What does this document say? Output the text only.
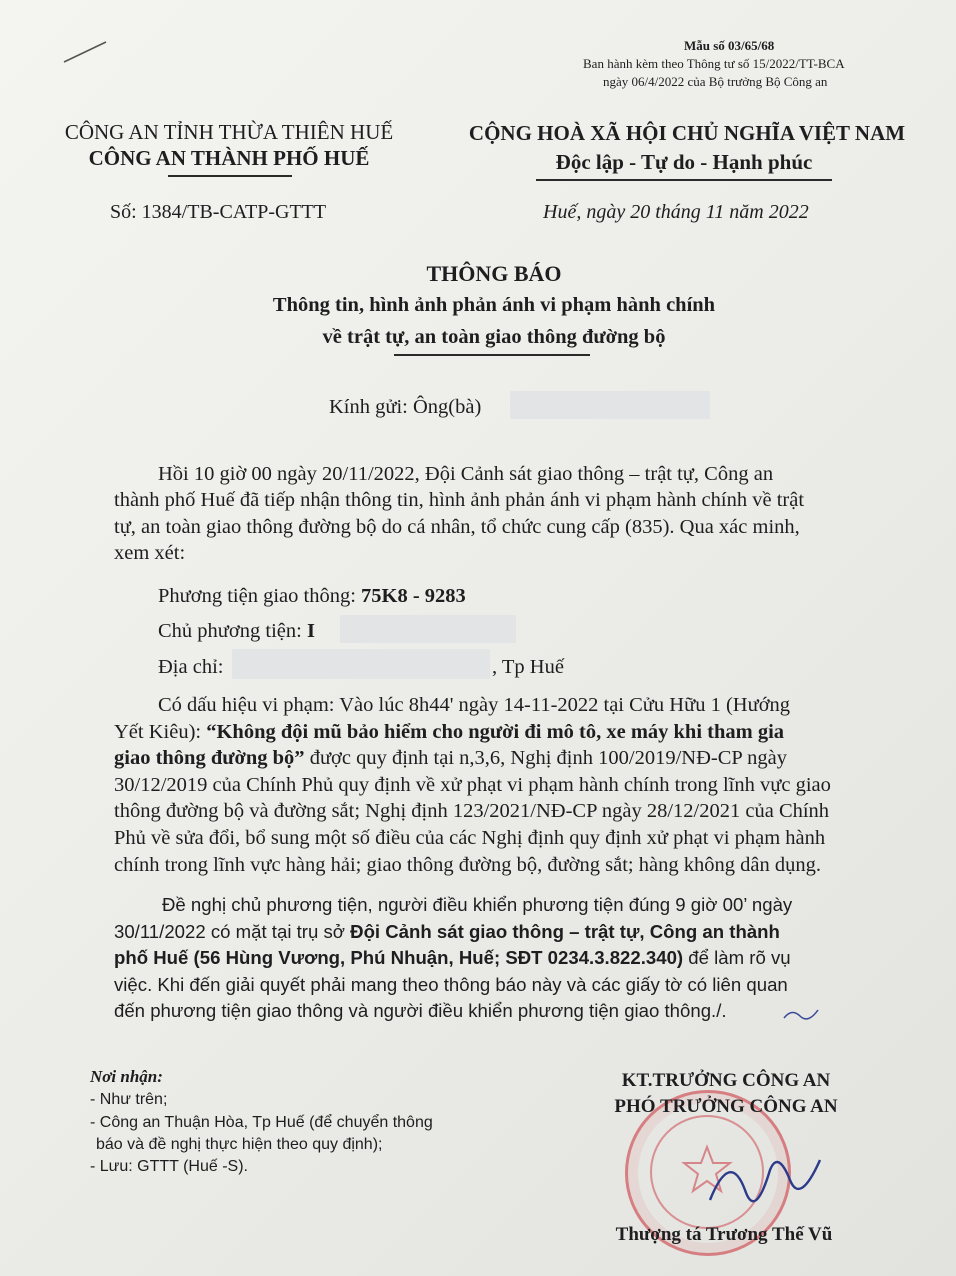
Mẫu số 03/65/68
Ban hành kèm theo Thông tư số 15/2022/TT-BCA
ngày 06/4/2022 của Bộ trưởng Bộ Công an
CÔNG AN TỈNH THỪA THIÊN HUẾ
CÔNG AN THÀNH PHỐ HUẾ
Số: 1384/TB-CATP-GTTT
CỘNG HOÀ XÃ HỘI CHỦ NGHĨA VIỆT NAM
Độc lập - Tự do - Hạnh phúc
Huế, ngày 20 tháng 11 năm 2022
THÔNG BÁO
Thông tin, hình ảnh phản ánh vi phạm hành chính
về trật tự, an toàn giao thông đường bộ
Kính gửi: Ông(bà)
Hồi 10 giờ 00 ngày 20/11/2022, Đội Cảnh sát giao thông – trật tự, Công an
thành phố Huế đã tiếp nhận thông tin, hình ảnh phản ánh vi phạm hành chính về trật
tự, an toàn giao thông đường bộ do cá nhân, tổ chức cung cấp (835). Qua xác minh,
xem xét:
Phương tiện giao thông: 75K8 - 9283
Chủ phương tiện: I
Địa chỉ:	, Tp Huế
Có dấu hiệu vi phạm: Vào lúc 8h44' ngày 14-11-2022 tại Cửu Hữu 1 (Hướng
Yết Kiêu): “Không đội mũ bảo hiểm cho người đi mô tô, xe máy khi tham gia
giao thông đường bộ” được quy định tại n,3,6, Nghị định 100/2019/NĐ-CP ngày
30/12/2019 của Chính Phủ quy định về xử phạt vi phạm hành chính trong lĩnh vực giao
thông đường bộ và đường sắt; Nghị định 123/2021/NĐ-CP ngày 28/12/2021 của Chính
Phủ về sửa đổi, bổ sung một số điều của các Nghị định quy định xử phạt vi phạm hành
chính trong lĩnh vực hàng hải; giao thông đường bộ, đường sắt; hàng không dân dụng.
Đề nghị chủ phương tiện, người điều khiển phương tiện đúng 9 giờ 00’ ngày
30/11/2022 có mặt tại trụ sở Đội Cảnh sát giao thông – trật tự, Công an thành
phố Huế (56 Hùng Vương, Phú Nhuận, Huế; SĐT 0234.3.822.340) để làm rõ vụ
việc. Khi đến giải quyết phải mang theo thông báo này và các giấy tờ có liên quan
đến phương tiện giao thông và người điều khiển phương tiện giao thông./.
Nơi nhận:
- Như trên;
- Công an Thuận Hòa, Tp Huế (để chuyển thông
báo và đề nghị thực hiện theo quy định);
- Lưu: GTTT (Huế -S).
KT.TRƯỞNG CÔNG AN
PHÓ TRƯỞNG CÔNG AN
Thượng tá Trương Thế Vũ
